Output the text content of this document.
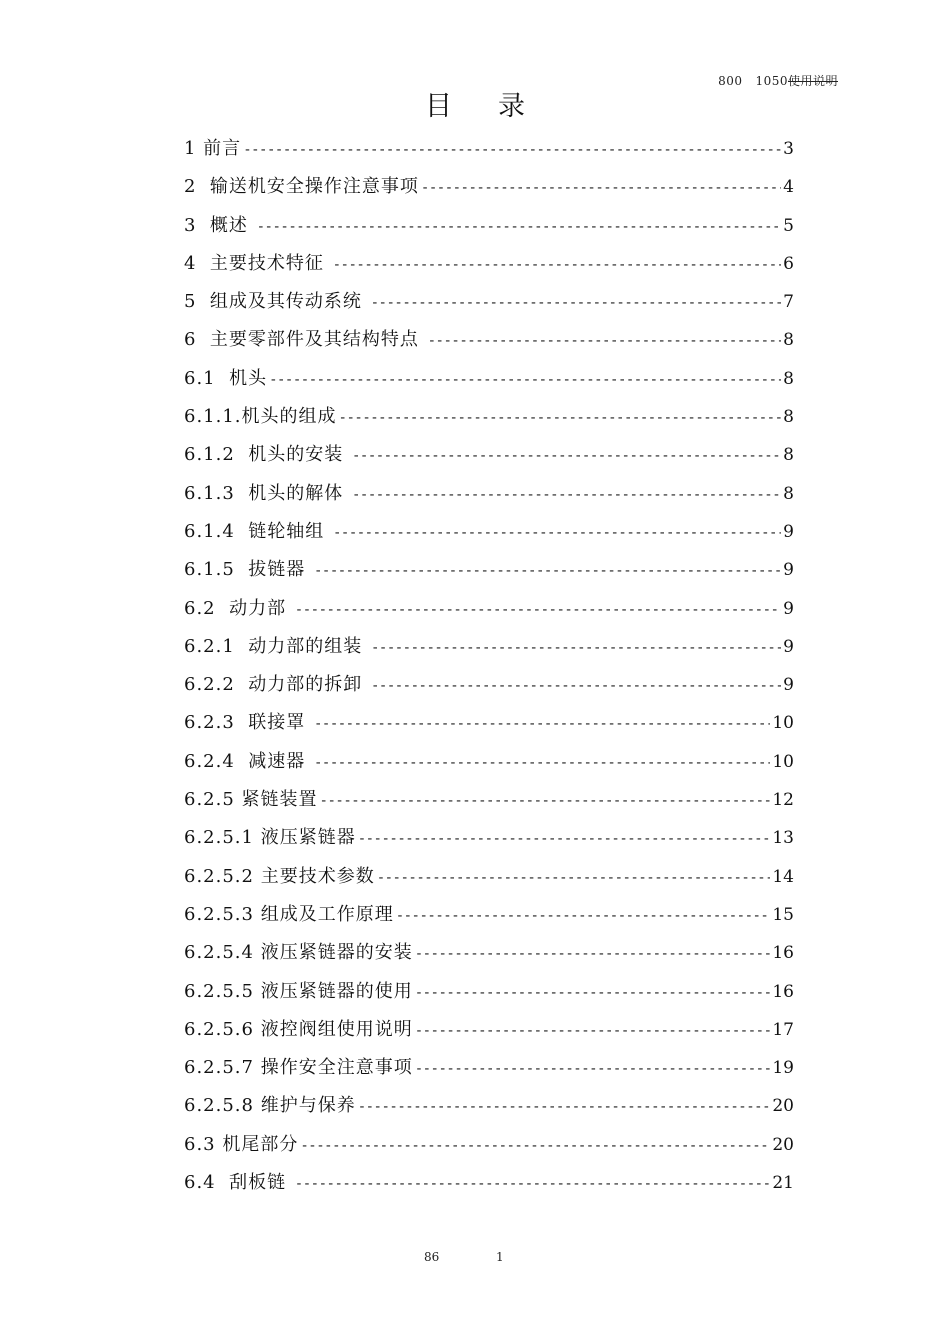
800 1050使用说明
目录
1 前言 -----	3
2  输送机安全操作注意事项 -----	4
3  概述 -----	5
4  主要技术特征 -----	6
5  组成及其传动系统 -----	7
6  主要零部件及其结构特点 -----	8
6.1  机头 -----	8
6.1.1.机头的组成 -----	8
6.1.2  机头的安装 -----	8
6.1.3  机头的解体 -----	8
6.1.4  链轮轴组 -----	9
6.1.5  拔链器 -----	9
6.2  动力部 -----	9
6.2.1  动力部的组装 -----	9
6.2.2  动力部的拆卸 -----	9
6.2.3  联接罩 -----	10
6.2.4  减速器 -----	10
6.2.5 紧链装置 -----	12
6.2.5.1 液压紧链器 -----	13
6.2.5.2 主要技术参数 -----	14
6.2.5.3 组成及工作原理 -----	15
6.2.5.4 液压紧链器的安装 -----	16
6.2.5.5 液压紧链器的使用 -----	16
6.2.5.6 液控阀组使用说明 -----	17
6.2.5.7 操作安全注意事项 -----	19
6.2.5.8 维护与保养 -----	20
6.3 机尾部分 -----	20
6.4  刮板链 -----	21
86	1
